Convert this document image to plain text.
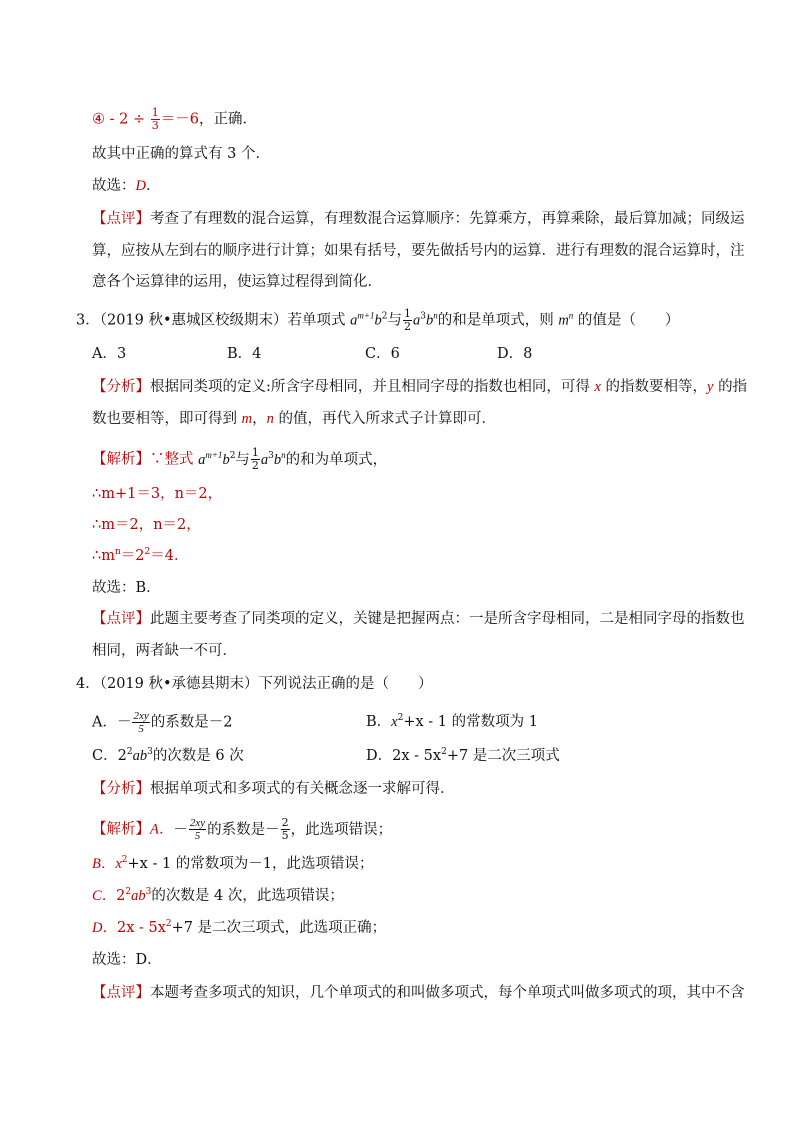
④ - $2 \div \frac{1}{3} =-6$，正确．
故其中正确的算式有 3 个．
故选：D．
【点评】考查了有理数的混合运算，有理数混合运算顺序：先算乘方，再算乘除，最后算加减；同级运
算，应按从左到右的顺序进行计算；如果有括号，要先做括号内的运算．进行有理数的混合运算时，注
意各个运算律的运用，使运算过程得到简化．
3．（2019 秋•惠城区校级期末）若单项式 $a^{m+1}b^2$与 $\frac{1}{2} a^3b^n$的和是单项式，则 $m^n$ 的值是（　　）
A．3	B．4	C．6	D．8
【分析】根据同类项的定义:所含字母相同，并且相同字母的指数也相同，可得 x 的指数要相等，y 的指
数也要相等，即可得到 m，n 的值，再代入所求式子计算即可．
【解析】∵整式 $a^{m+1}b^2$与 $\frac{1}{2} a^3b^n$的和为单项式，
∴m+1＝3，n＝2，
∴m＝2，n＝2，
$\therefore m^n=2^2=4$．
故选：B．
【点评】此题主要考查了同类项的定义，关键是把握两点：一是所含字母相同，二是相同字母的指数也
相同，两者缺一不可．
4．（2019 秋•承德县期末）下列说法正确的是（　　）
A．－ $\frac{2xy}{5}$ 的系数是－2	B．$x^2+x - 1$ 的常数项为 1
C．$2^2ab^3$的次数是 6 次	D．$2x - 5x^2+7$ 是二次三项式
【分析】根据单项式和多项式的有关概念逐一求解可得．
【解析】A．－ $\frac{2xy}{5}$ 的系数是－ $\frac{2}{5}$ ，此选项错误；
B．$x^2+x - 1$ 的常数项为－1，此选项错误；
C．$2^2ab^3$的次数是 4 次，此选项错误；
D．$2x - 5x^2+7$ 是二次三项式，此选项正确；
故选：D．
【点评】本题考查多项式的知识，几个单项式的和叫做多项式，每个单项式叫做多项式的项，其中不含
